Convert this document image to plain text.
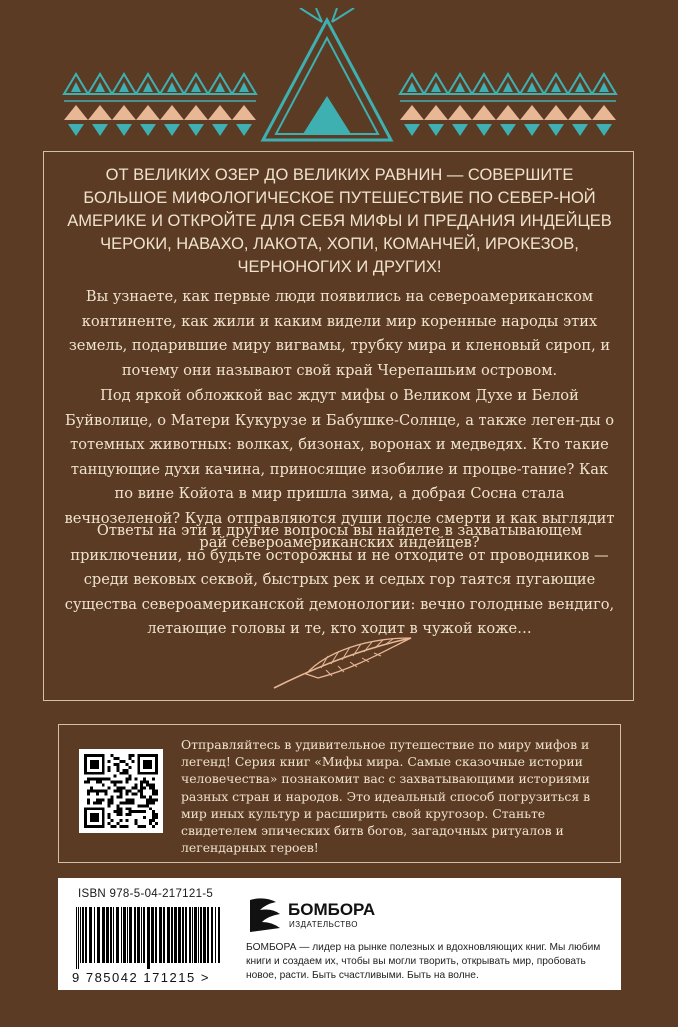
ОТ ВЕЛИКИХ ОЗЕР ДО ВЕЛИКИХ РАВНИН — СОВЕРШИТЕ БОЛЬШОЕ МИФОЛОГИЧЕСКОЕ ПУТЕШЕСТВИЕ ПО СЕВЕР-НОЙ АМЕРИКЕ И ОТКРОЙТЕ ДЛЯ СЕБЯ МИФЫ И ПРЕДАНИЯ ИНДЕЙЦЕВ ЧЕРОКИ, НАВАХО, ЛАКОТА, ХОПИ, КОМАНЧЕЙ, ИРОКЕЗОВ, ЧЕРНОНОГИХ И ДРУГИХ!

Вы узнаете, как первые люди появились на североамериканском континенте, как жили и каким видели мир коренные народы этих земель, подарившие миру вигвамы, трубку мира и кленовый сироп, и почему они называют свой край Черепашьим островом.

Под яркой обложкой вас ждут мифы о Великом Духе и Белой Буйволице, о Матери Кукурузе и Бабушке-Солнце, а также леген-ды о тотемных животных: волках, бизонах, воронах и медведях. Кто такие танцующие духи качина, приносящие изобилие и процве-тание? Как по вине Койота в мир пришла зима, а добрая Сосна стала вечнозеленой? Куда отправляются души после смерти и как выглядит рай североамериканских индейцев?

Ответы на эти и другие вопросы вы найдете в захватывающем приключении, но будьте осторожны и не отходите от проводников — среди вековых секвой, быстрых рек и седых гор таятся пугающие существа североамериканской демонологии: вечно голодные вендиго, летающие головы и те, кто ходит в чужой коже…

Отправляйтесь в удивительное путешествие по миру мифов и легенд! Серия книг «Мифы мира. Самые сказочные истории человечества» познакомит вас с захватывающими историями разных стран и народов. Это идеальный способ погрузиться в мир иных культур и расширить свой кругозор. Станьте свидетелем эпических битв богов, загадочных ритуалов и легендарных героев!

ISBN 978-5-04-217121-5
9 785042 171215 >
БОМБОРА
ИЗДАТЕЛЬСТВО

БОМБОРА — лидер на рынке полезных и вдохновляющих книг. Мы любим книги и создаем их, чтобы вы могли творить, открывать мир, пробовать новое, расти. Быть счастливыми. Быть на волне.
